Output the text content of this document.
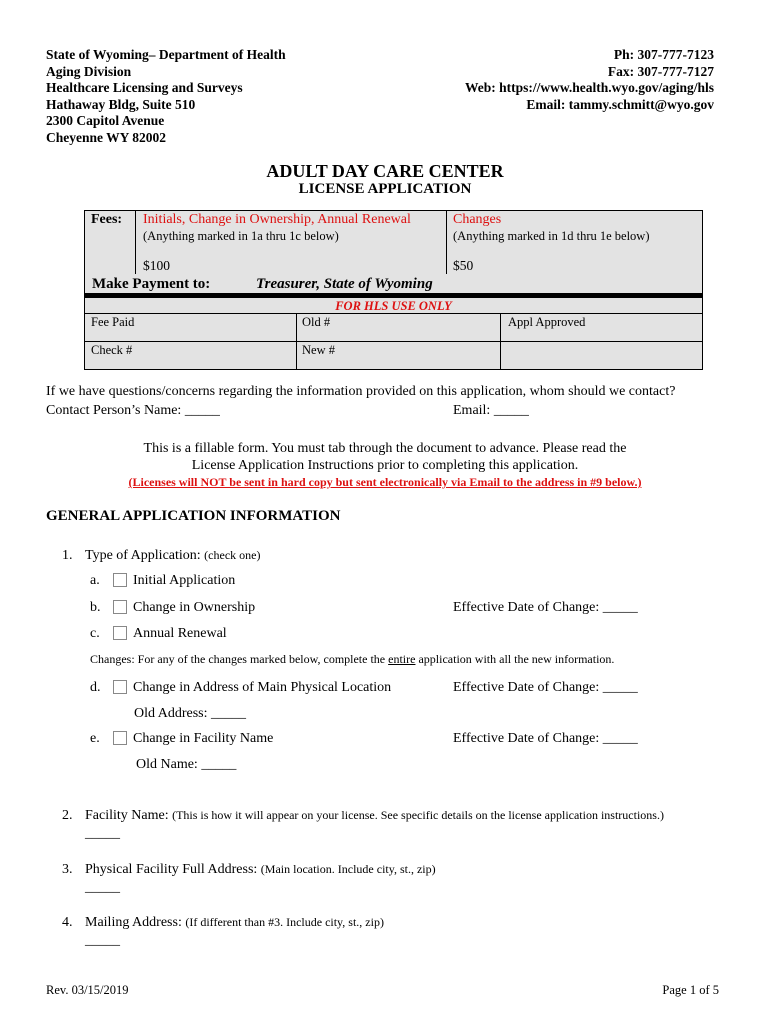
State of Wyoming– Department of Health
Aging Division
Healthcare Licensing and Surveys
Hathaway Bldg, Suite 510
2300 Capitol Avenue
Cheyenne WY 82002
Ph: 307-777-7123
Fax: 307-777-7127
Web: https://www.health.wyo.gov/aging/hls
Email: tammy.schmitt@wyo.gov
ADULT DAY CARE CENTER
LICENSE APPLICATION
Fees: Initials, Change in Ownership, Annual Renewal
(Anything marked in 1a thru 1c below)
$100
Changes
(Anything marked in 1d thru 1e below)
$50
Make Payment to:	Treasurer, State of Wyoming
FOR HLS USE ONLY
Fee Paid	Old #	Appl Approved
Check #	New #
If we have questions/concerns regarding the information provided on this application, whom should we contact?
Contact Person’s Name: _____	Email: _____
This is a fillable form. You must tab through the document to advance. Please read the
License Application Instructions prior to completing this application.
(Licenses will NOT be sent in hard copy but sent electronically via Email to the address in #9 below.)
GENERAL APPLICATION INFORMATION
1. Type of Application: (check one)
a. Initial Application
b. Change in Ownership	Effective Date of Change: _____
c. Annual Renewal
Changes: For any of the changes marked below, complete the entire application with all the new information.
d. Change in Address of Main Physical Location	Effective Date of Change: _____
Old Address: _____
e. Change in Facility Name	Effective Date of Change: _____
Old Name: _____
2. Facility Name: (This is how it will appear on your license. See specific details on the license application instructions.)
_____
3. Physical Facility Full Address: (Main location. Include city, st., zip)
_____
4. Mailing Address: (If different than #3. Include city, st., zip)
_____
Rev. 03/15/2019	Page 1 of 5
